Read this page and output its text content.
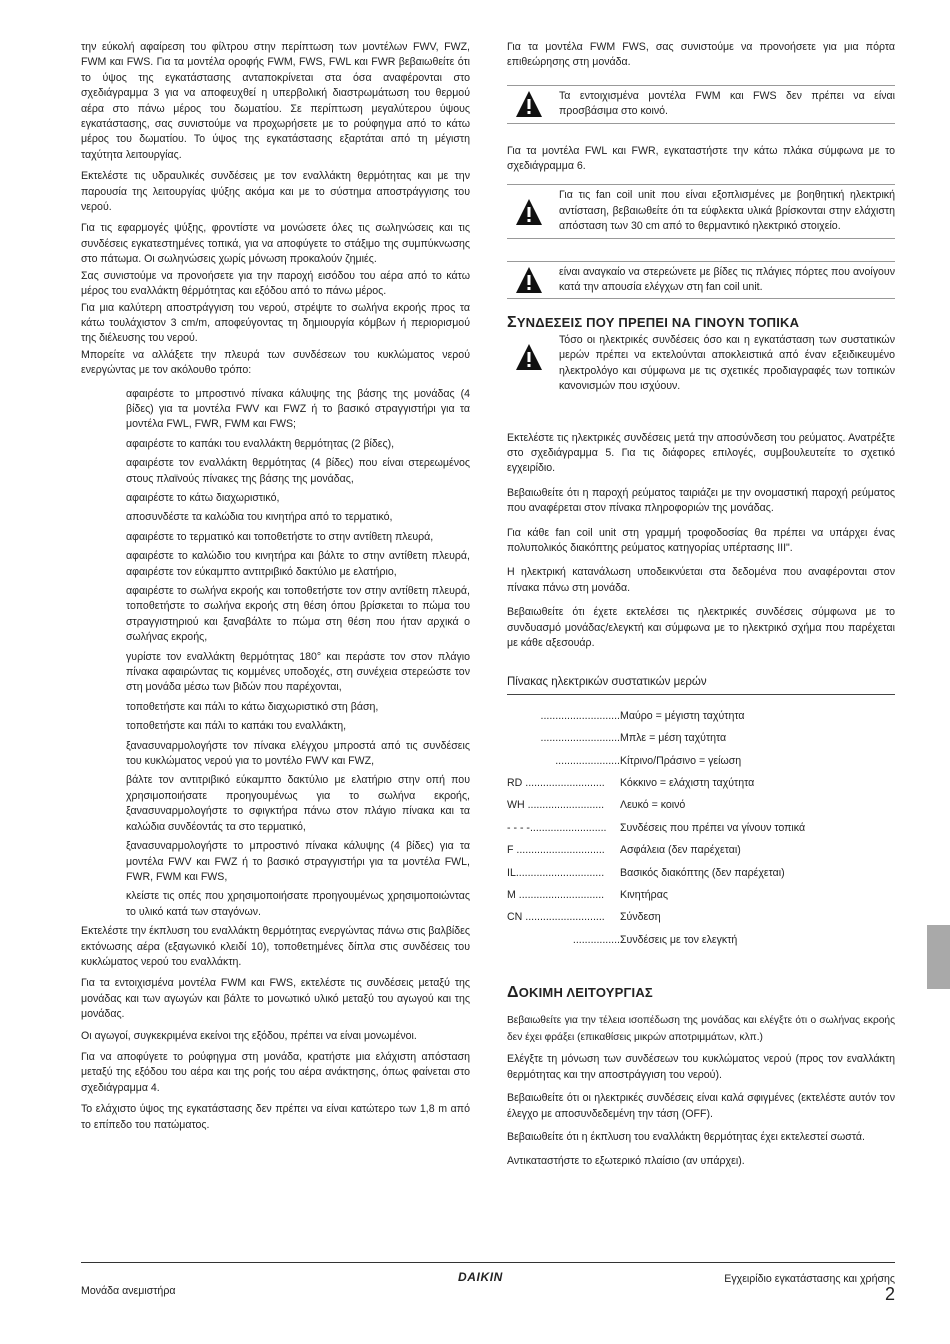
την εύκολή αφαίρεση του φίλτρου στην περίπτωση των μοντέλων FWV, FWZ, FWM και FWS. Για τα μοντέλα οροφής FWM, FWS, FWL και FWR βεβαιωθείτε ότι το ύψος της εγκατάστασης ανταποκρίνεται στα όσα αναφέρονται στο σχεδιάγραμμα 3 για να αποφευχθεί η υπερβολική διαστρωμάτωση του θερμού αέρα στο πάνω μέρος του δωματίου. Σε περίπτωση μεγαλύτερου ύψους εγκατάστασης, σας συνιστούμε να προχωρήσετε με το ρούφηγμα από το κάτω μέρος του δωματίου. Το ύψος της εγκατάστασης εξαρτάται από τη μέγιστη ταχύτητα λειτουργίας.

Εκτελέστε τις υδραυλικές συνδέσεις με τον εναλλάκτη θερμότητας και με την παρουσία της λειτουργίας ψύξης ακόμα και με το σύστημα αποστράγγισης του νερού.

Για τις εφαρμογές ψύξης, φροντίστε να μονώσετε όλες τις σωληνώσεις και τις συνδέσεις εγκατεστημένες τοπικά, για να αποφύγετε το στάξιμο της συμπύκνωσης στο πάτωμα. Οι σωληνώσεις χωρίς μόνωση προκαλούν ζημιές.

Σας συνιστούμε να προνοήσετε για την παροχή εισόδου του αέρα από το κάτω μέρος του εναλλάκτη θέρμότητας και εξόδου από το πάνω μέρος.

Για μια καλύτερη αποστράγγιση του νερού, στρέψτε το σωλήνα εκροής προς τα κάτω τουλάχιστον 3 cm/m, αποφεύγοντας τη δημιουργία κόμβων ή περιορισμού της διέλευσης του νερού.

Μπορείτε να αλλάξετε την πλευρά των συνδέσεων του κυκλώματος νερού ενεργώντας με τον ακόλουθο τρόπο:

αφαιρέστε το μπροστινό πίνακα κάλυψης της βάσης της μονάδας (4 βίδες) για τα μοντέλα FWV και FWZ ή το βασικό στραγγιστήρι για τα μοντέλα FWL, FWR, FWM και FWS;

αφαιρέστε το καπάκι του εναλλάκτη θερμότητας (2 βίδες),

αφαιρέστε τον εναλλάκτη θερμότητας (4 βίδες) που είναι στερεωμένος στους πλαϊνούς πίνακες της βάσης της μονάδας,

αφαιρέστε το κάτω διαχωριστικό,

αποσυνδέστε τα καλώδια του κινητήρα από το τερματικό,

αφαιρέστε το τερματικό και τοποθετήστε το στην αντίθετη πλευρά,

αφαιρέστε το καλώδιο του κινητήρα και βάλτε το στην αντίθετη πλευρά, αφαιρέστε τον εύκαμπτο αντιτριβικό δακτύλιο με ελατήριο,

αφαιρέστε το σωλήνα εκροής και τοποθετήστε τον στην αντίθετη πλευρά, τοποθετήστε το σωλήνα εκροής στη θέση όπου βρίσκεται το πώμα του στραγγιστηριού και ξαναβάλτε το πώμα στη θέση που ήταν αρχικά ο σωλήνας εκροής,

γυρίστε τον εναλλάκτη θερμότητας 180° και περάστε τον στον πλάγιο πίνακα αφαιρώντας τις κομμένες υποδοχές, στη συνέχεια στερεώστε τον στη μονάδα μέσω των βιδών που παρέχονται,

τοποθετήστε και πάλι το κάτω διαχωριστικό στη βάση,

τοποθετήστε και πάλι το καπάκι του εναλλάκτη,

ξανασυναρμολογήστε τον πίνακα ελέγχου μπροστά από τις συνδέσεις του κυκλώματος νερού για το μοντέλο FWV και FWZ,

βάλτε τον αντιτριβικό εύκαμπτο δακτύλιο με ελατήριο στην οπή που χρησιμοποιήσατε προηγουμένως για το σωλήνα εκροής, ξανασυναρμολογήστε το σφιγκτήρα πάνω στον πλάγιο πίνακα και τα καλώδια συνδέοντάς τα στο τερματικό,

ξανασυναρμολογήστε το μπροστινό πίνακα κάλυψης (4 βίδες) για τα μοντέλα FWV και FWZ ή το βασικό στραγγιστήρι για τα μοντέλα FWL, FWR, FWM και FWS,

κλείστε τις οπές που χρησιμοποιήσατε προηγουμένως χρησιμοποιώντας το υλικό κατά των σταγόνων.

Εκτελέστε την έκπλυση του εναλλάκτη θερμότητας ενεργώντας πάνω στις βαλβίδες εκτόνωσης αέρα (εξαγωνικό κλειδί 10), τοποθετημένες δίπλα στις συνδέσεις του κυκλώματος νερού του εναλλάκτη.

Για τα εντοιχισμένα μοντέλα FWM και FWS, εκτελέστε τις συνδέσεις μεταξύ της μονάδας και των αγωγών και βάλτε το μονωτικό υλικό μεταξύ του αγωγού και της μονάδας.

Οι αγωγοί, συγκεκριμένα εκείνοι της εξόδου, πρέπει να είναι μονωμένοι.

Για να αποφύγετε το ρούφηγμα στη μονάδα, κρατήστε μια ελάχιστη απόσταση μεταξύ της εξόδου του αέρα και της ροής του αέρα ανάκτησης, όπως φαίνεται στο σχεδιάγραμμα 4.

Το ελάχιστο ύψος της εγκατάστασης δεν πρέπει να είναι κατώτερο των 1,8 m από το επίπεδο του πατώματος.

Για τα μοντέλα FWM FWS, σας συνιστούμε να προνοήσετε για μια πόρτα επιθεώρησης στη μονάδα.

Τα εντοιχισμένα μοντέλα FWM και FWS δεν πρέπει να είναι προσβάσιμα στο κοινό.

Για τα μοντέλα FWL και FWR, εγκαταστήστε την κάτω πλάκα σύμφωνα με το σχεδιάγραμμα 6.

Για τις fan coil unit που είναι εξοπλισμένες με βοηθητική ηλεκτρική αντίσταση, βεβαιωθείτε ότι τα εύφλεκτα υλικά βρίσκονται στην ελάχιστη απόσταση των 30 cm από το θερμαντικό ηλεκτρικό στοιχείο.

είναι αναγκαίο να στερεώνετε με βίδες τις πλάγιες πόρτες που ανοίγουν κατά την απουσία ελέγχων στη fan coil unit.

ΣΥΝΔΕΣΕΙΣ ΠΟΥ ΠΡΕΠΕΙ ΝΑ ΓΙΝΟΥΝ ΤΟΠΙΚΑ

Τόσο οι ηλεκτρικές συνδέσεις όσο και η εγκατάσταση των συστατικών μερών πρέπει να εκτελούνται αποκλειστικά από έναν εξειδικευμένο ηλεκτρολόγο και σύμφωνα με τις σχετικές προδιαγραφές των τοπικών κανονισμών που ισχύουν.

Εκτελέστε τις ηλεκτρικές συνδέσεις μετά την αποσύνδεση του ρεύματος. Ανατρέξτε στο σχεδιάγραμμα 5. Για τις διάφορες επιλογές, συμβουλευτείτε το σχετικό εγχειρίδιο.

Βεβαιωθείτε ότι η παροχή ρεύματος ταιριάζει με την ονομαστική παροχή ρεύματος που αναφέρεται στον πίνακα πληροφοριών της μονάδας.

Για κάθε fan coil unit στη γραμμή τροφοδοσίας θα πρέπει να υπάρχει ένας πολυπολικός διακόπτης ρεύματος κατηγορίας υπέρτασης III".

Η ηλεκτρική κατανάλωση υποδεικνύεται στα δεδομένα που αναφέρονται στον πίνακα πάνω στη μονάδα.

Βεβαιωθείτε ότι έχετε εκτελέσει τις ηλεκτρικές συνδέσεις σύμφωνα με το συνδυασμό μονάδας/ελεγκτή και σύμφωνα με το ηλεκτρικό σχήμα που παρέχεται με κάθε αξεσουάρ.

Πίνακας ηλεκτρικών συστατικών μερών
........................... Μαύρο = μέγιστη ταχύτητα
........................... Μπλε = μέση ταχύτητα
...................... Κίτρινο/Πράσινο = γείωση
RD ...........................	Κόκκινο = ελάχιστη ταχύτητα
WH ..........................	Λευκό = κοινό
- - - -..........................	Συνδέσεις που πρέπει να γίνουν τοπικά
F ..............................	Ασφάλεια (δεν παρέχεται)
IL..............................	Βασικός διακόπτης (δεν παρέχεται)
M .............................	Κινητήρας
CN ...........................	Σύνδεση
................ Συνδέσεις με τον ελεγκτή
ΔΟΚΙΜΗ ΛΕΙΤΟΥΡΓΙΑΣ

Βεβαιωθείτε για την τέλεια ισοπέδωση της μονάδας και ελέγξτε ότι ο σωλήνας εκροής δεν έχει φράξει (επικαθίσεις μικρών αποτριμμάτων, κλπ.)

Ελέγξτε τη μόνωση των συνδέσεων του κυκλώματος νερού (προς τον εναλλάκτη θερμότητας και την αποστράγγιση του νερού).

Βεβαιωθείτε ότι οι ηλεκτρικές συνδέσεις είναι καλά σφιγμένες (εκτελέστε αυτόν τον έλεγχο με αποσυνδεδεμένη την τάση (OFF).

Βεβαιωθείτε ότι η έκπλυση του εναλλάκτη θερμότητας έχει εκτελεστεί σωστά.

Αντικαταστήστε το εξωτερικό πλαίσιο (αν υπάρχει).

Μονάδα ανεμιστήρα
DAIKIN	Εγχειρίδιο εγκατάστασης και χρήσης
2
